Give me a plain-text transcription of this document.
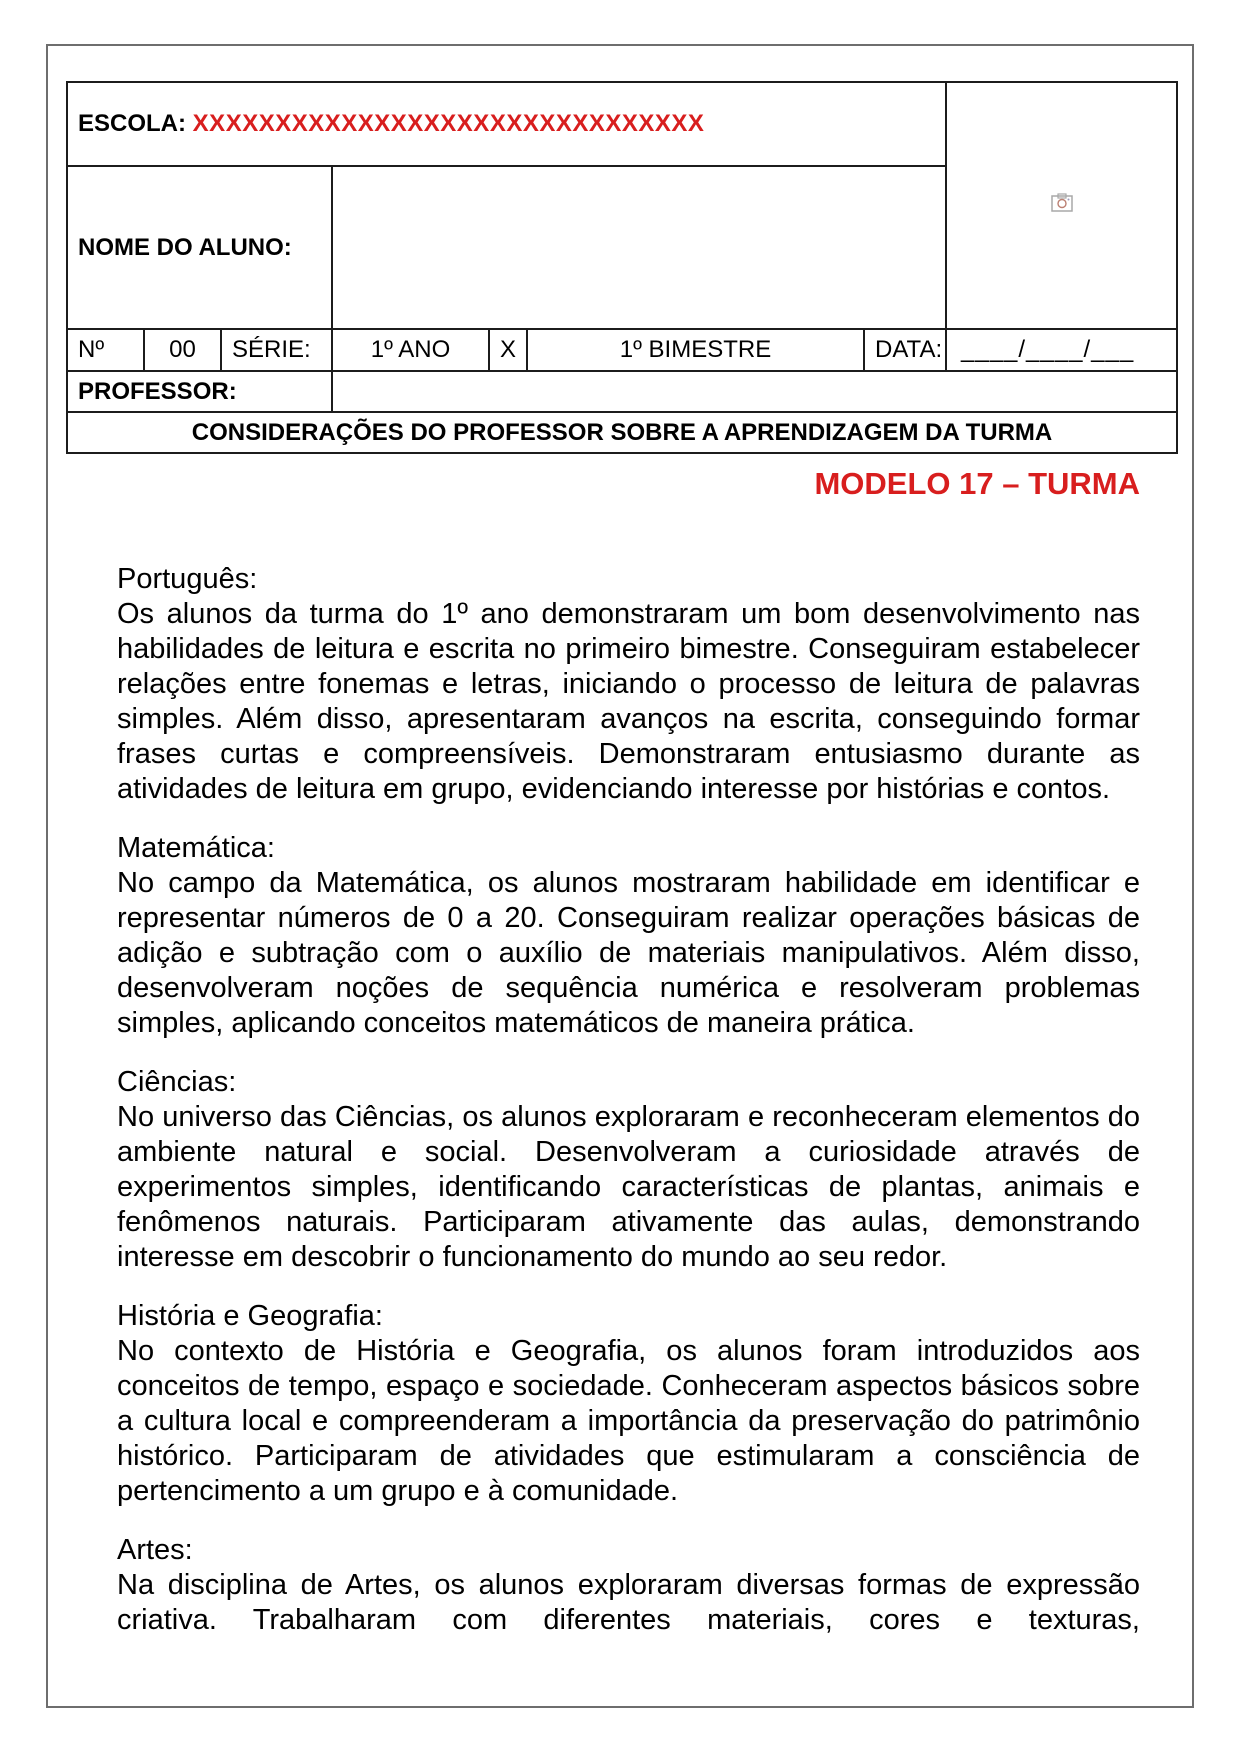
ESCOLA: XXXXXXXXXXXXXXXXXXXXXXXXXXXXXXX	
NOME DO ALUNO:							
Nº	00	SÉRIE:	1º ANO	X	1º BIMESTRE	DATA:	____/____/___
PROFESSOR:							
CONSIDERAÇÕES DO PROFESSOR SOBRE A APRENDIZAGEM DA TURMA							
MODELO 17 – TURMA
Português:

Os alunos da turma do 1º ano demonstraram um bom desenvolvimento nas habilidades de leitura e escrita no primeiro bimestre. Conseguiram estabelecer relações entre fonemas e letras, iniciando o processo de leitura de palavras simples. Além disso, apresentaram avanços na escrita, conseguindo formar frases curtas e compreensíveis. Demonstraram entusiasmo durante as atividades de leitura em grupo, evidenciando interesse por histórias e contos.

Matemática:

No campo da Matemática, os alunos mostraram habilidade em identificar e representar números de 0 a 20. Conseguiram realizar operações básicas de adição e subtração com o auxílio de materiais manipulativos. Além disso, desenvolveram noções de sequência numérica e resolveram problemas simples, aplicando conceitos matemáticos de maneira prática.

Ciências:

No universo das Ciências, os alunos exploraram e reconheceram elementos do ambiente natural e social. Desenvolveram a curiosidade através de experimentos simples, identificando características de plantas, animais e fenômenos naturais. Participaram ativamente das aulas, demonstrando interesse em descobrir o funcionamento do mundo ao seu redor.

História e Geografia:

No contexto de História e Geografia, os alunos foram introduzidos aos conceitos de tempo, espaço e sociedade. Conheceram aspectos básicos sobre a cultura local e compreenderam a importância da preservação do patrimônio histórico. Participaram de atividades que estimularam a consciência de pertencimento a um grupo e à comunidade.

Artes:

Na disciplina de Artes, os alunos exploraram diversas formas de expressão criativa. Trabalharam com diferentes materiais, cores e texturas,
